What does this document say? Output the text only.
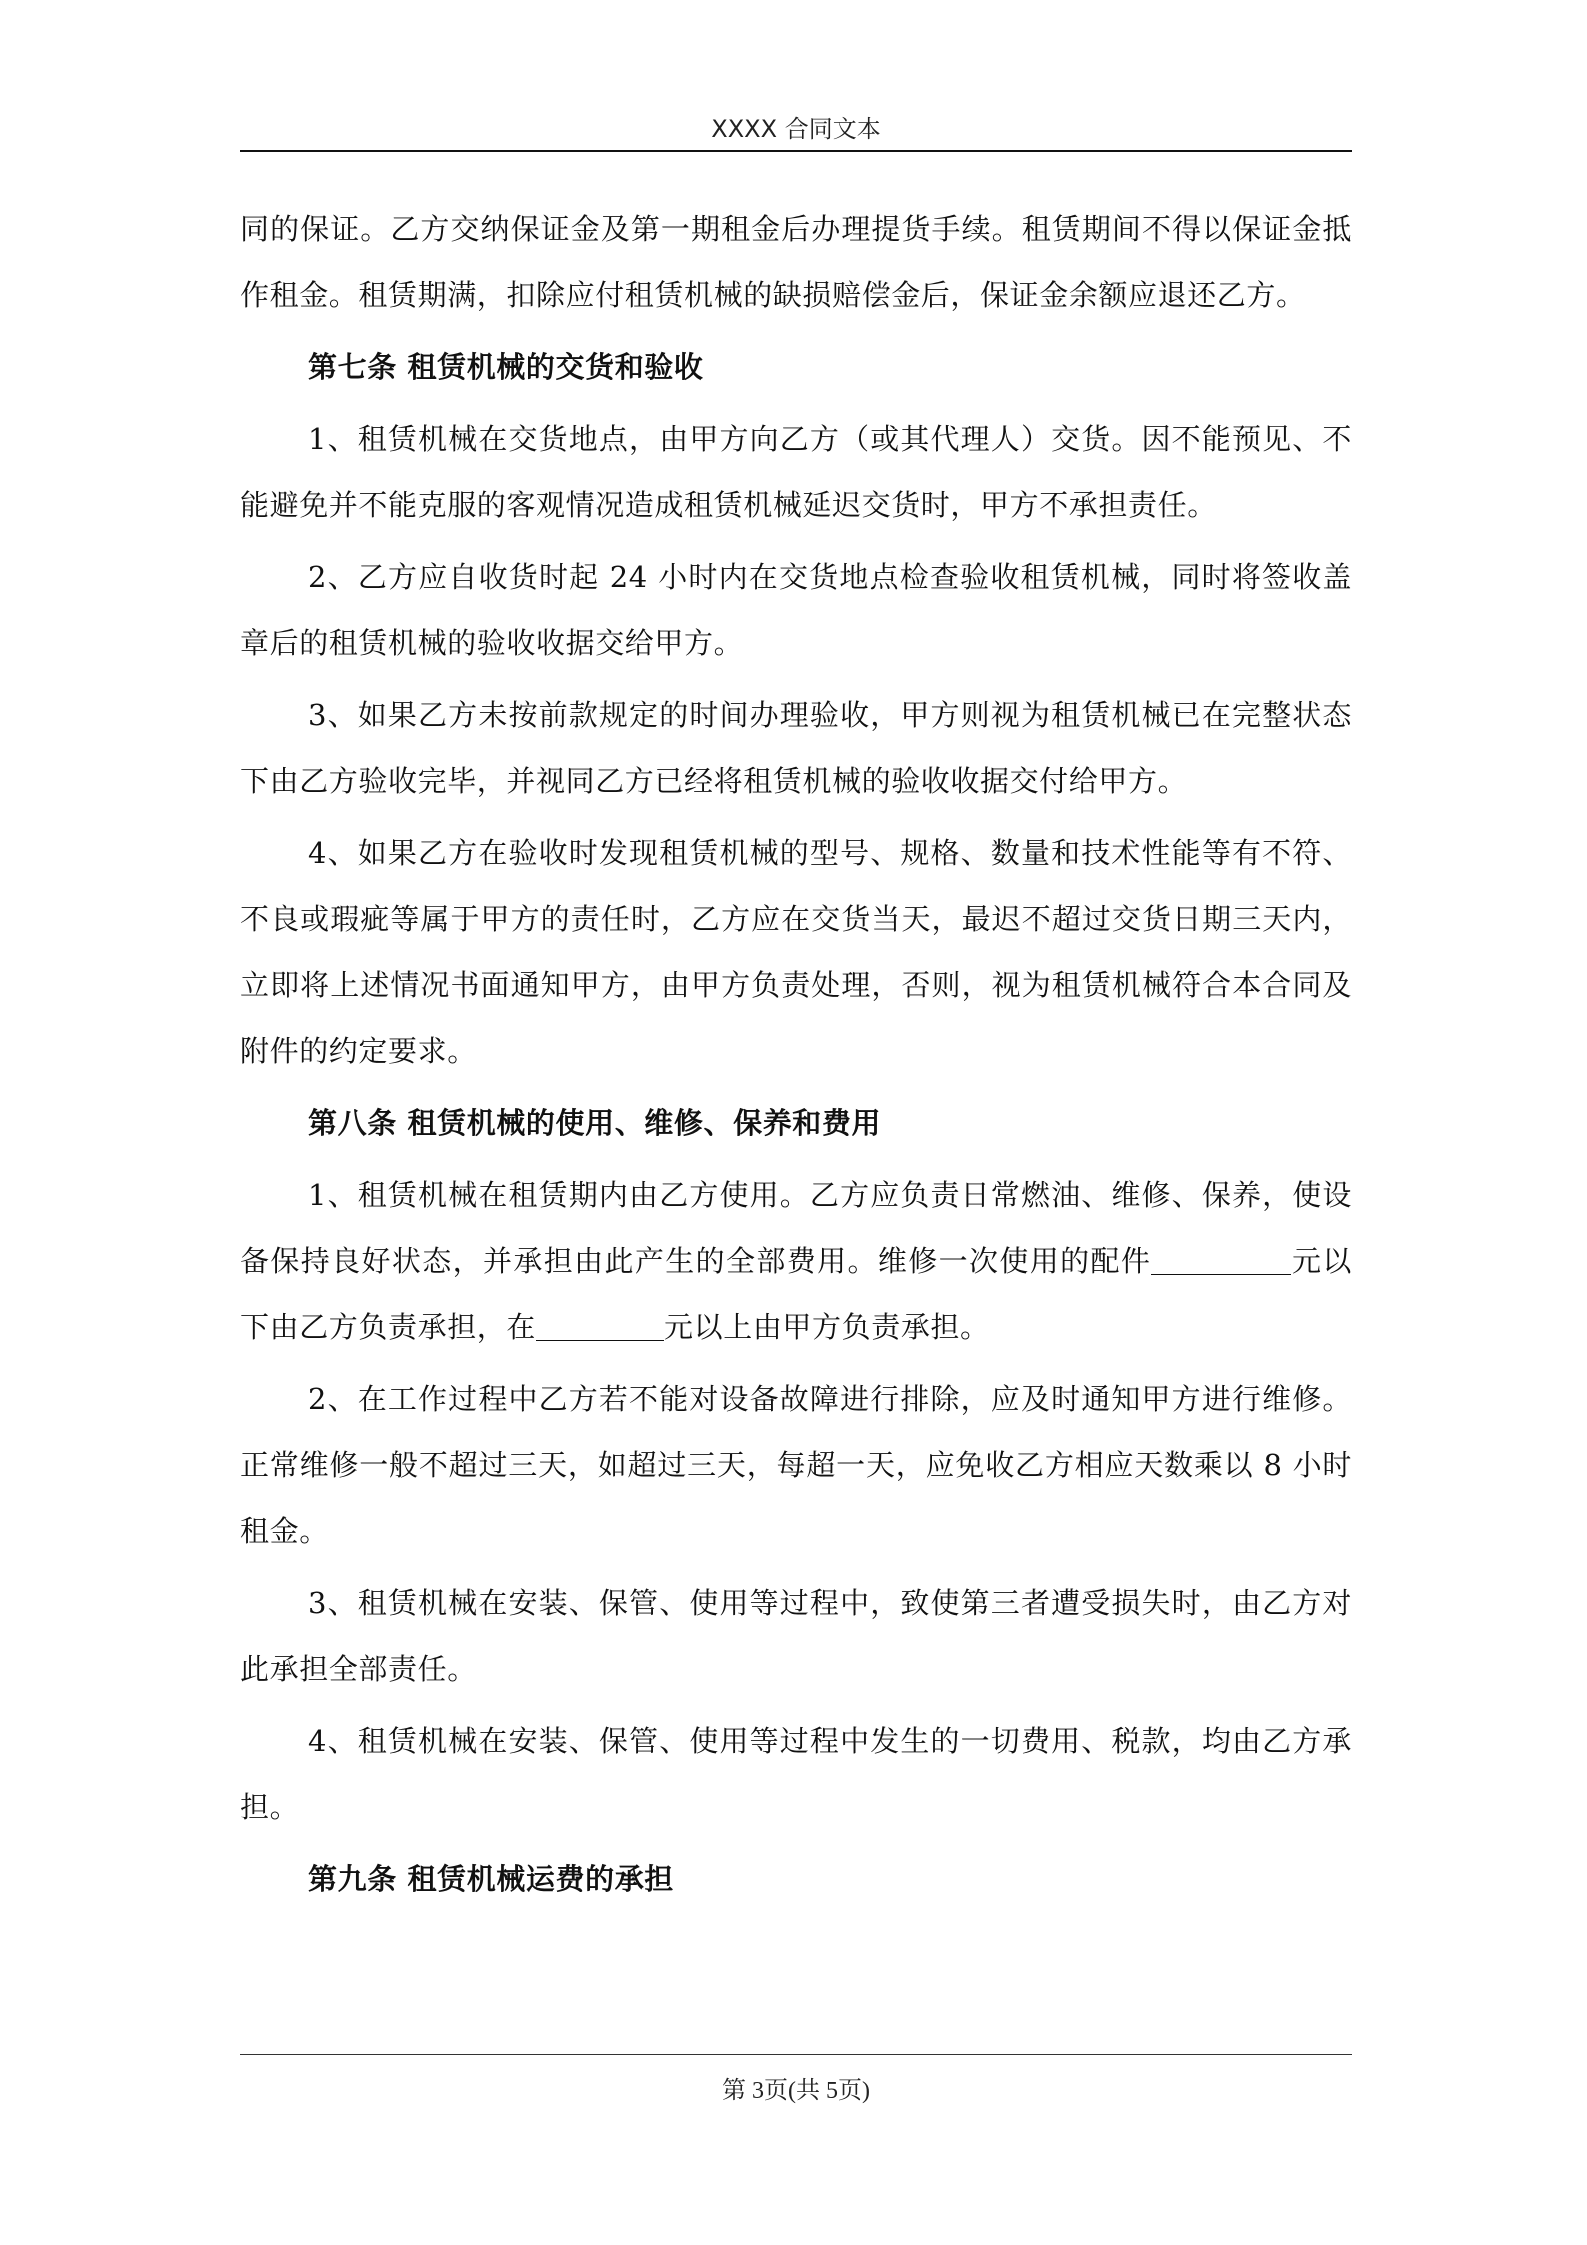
XXXX 合同文本

同的保证。乙方交纳保证金及第一期租金后办理提货手续。租赁期间不得以保证金抵作租金。租赁期满，扣除应付租赁机械的缺损赔偿金后，保证金余额应退还乙方。

第七条 租赁机械的交货和验收

1、租赁机械在交货地点，由甲方向乙方（或其代理人）交货。因不能预见、不能避免并不能克服的客观情况造成租赁机械延迟交货时，甲方不承担责任。

2、乙方应自收货时起 24 小时内在交货地点检查验收租赁机械，同时将签收盖章后的租赁机械的验收收据交给甲方。

3、如果乙方未按前款规定的时间办理验收，甲方则视为租赁机械已在完整状态下由乙方验收完毕，并视同乙方已经将租赁机械的验收收据交付给甲方。

4、如果乙方在验收时发现租赁机械的型号、规格、数量和技术性能等有不符、不良或瑕疵等属于甲方的责任时，乙方应在交货当天，最迟不超过交货日期三天内，立即将上述情况书面通知甲方，由甲方负责处理，否则，视为租赁机械符合本合同及附件的约定要求。

第八条 租赁机械的使用、维修、保养和费用

1、租赁机械在租赁期内由乙方使用。乙方应负责日常燃油、维修、保养，使设备保持良好状态，并承担由此产生的全部费用。维修一次使用的配件	元以下由乙方负责承担，在	元以上由甲方负责承担。

2、在工作过程中乙方若不能对设备故障进行排除，应及时通知甲方进行维修。正常维修一般不超过三天，如超过三天，每超一天，应免收乙方相应天数乘以 8 小时租金。

3、租赁机械在安装、保管、使用等过程中，致使第三者遭受损失时，由乙方对此承担全部责任。

4、租赁机械在安装、保管、使用等过程中发生的一切费用、税款，均由乙方承担。

第九条 租赁机械运费的承担

第 3页(共 5页)
